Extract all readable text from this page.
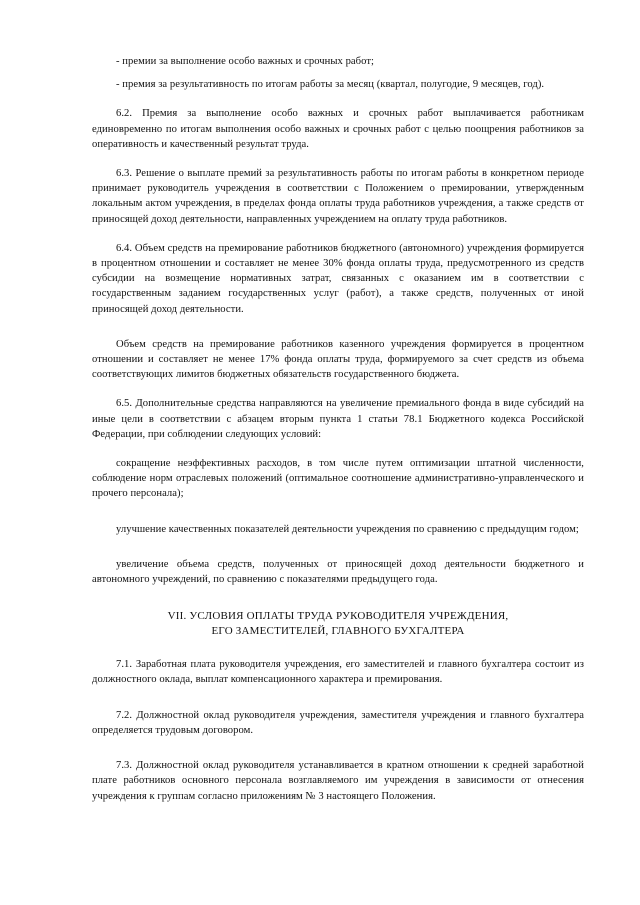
- премии за выполнение особо важных и срочных работ;

- премия за результативность по итогам работы за месяц (квартал, полугодие, 9 месяцев, год).

6.2. Премия за выполнение особо важных и срочных работ выплачивается работникам единовременно по итогам выполнения особо важных и срочных работ с целью поощрения работников за оперативность и качественный результат труда.

6.3. Решение о выплате премий за результативность работы по итогам работы в конкретном периоде принимает руководитель учреждения в соответствии с Положением о премировании, утвержденным локальным актом учреждения, в пределах фонда оплаты труда работников учреждения, а также средств от приносящей доход деятельности, направленных учреждением на оплату труда работников.

6.4. Объем средств на премирование работников бюджетного (автономного) учреждения формируется в процентном отношении и составляет не менее 30% фонда оплаты труда, предусмотренного из средств субсидии на возмещение нормативных затрат, связанных с оказанием им в соответствии с государственным заданием государственных услуг (работ), а также средств, полученных от иной приносящей доход деятельности.

Объем средств на премирование работников казенного учреждения формируется в процентном отношении и составляет не менее 17% фонда оплаты труда, формируемого за счет средств из объема соответствующих лимитов бюджетных обязательств государственного бюджета.

6.5. Дополнительные средства направляются на увеличение премиального фонда в виде субсидий на иные цели в соответствии с абзацем вторым пункта 1 статьи 78.1 Бюджетного кодекса Российской Федерации, при соблюдении следующих условий:

сокращение неэффективных расходов, в том числе путем оптимизации штатной численности, соблюдение норм отраслевых положений (оптимальное соотношение административно-управленческого и прочего персонала);

улучшение качественных показателей деятельности учреждения по сравнению с предыдущим годом;

увеличение объема средств, полученных от приносящей доход деятельности бюджетного и автономного учреждений, по сравнению с показателями предыдущего года.

VII. УСЛОВИЯ ОПЛАТЫ ТРУДА РУКОВОДИТЕЛЯ УЧРЕЖДЕНИЯ,
ЕГО ЗАМЕСТИТЕЛЕЙ, ГЛАВНОГО БУХГАЛТЕРА

7.1. Заработная плата руководителя учреждения, его заместителей и главного бухгалтера состоит из должностного оклада, выплат компенсационного характера и премирования.

7.2. Должностной оклад руководителя учреждения, заместителя учреждения и главного бухгалтера определяется трудовым договором.

7.3. Должностной оклад руководителя устанавливается в кратном отношении к средней заработной плате работников основного персонала возглавляемого им учреждения в зависимости от отнесения учреждения к группам согласно приложениям № 3 настоящего Положения.
